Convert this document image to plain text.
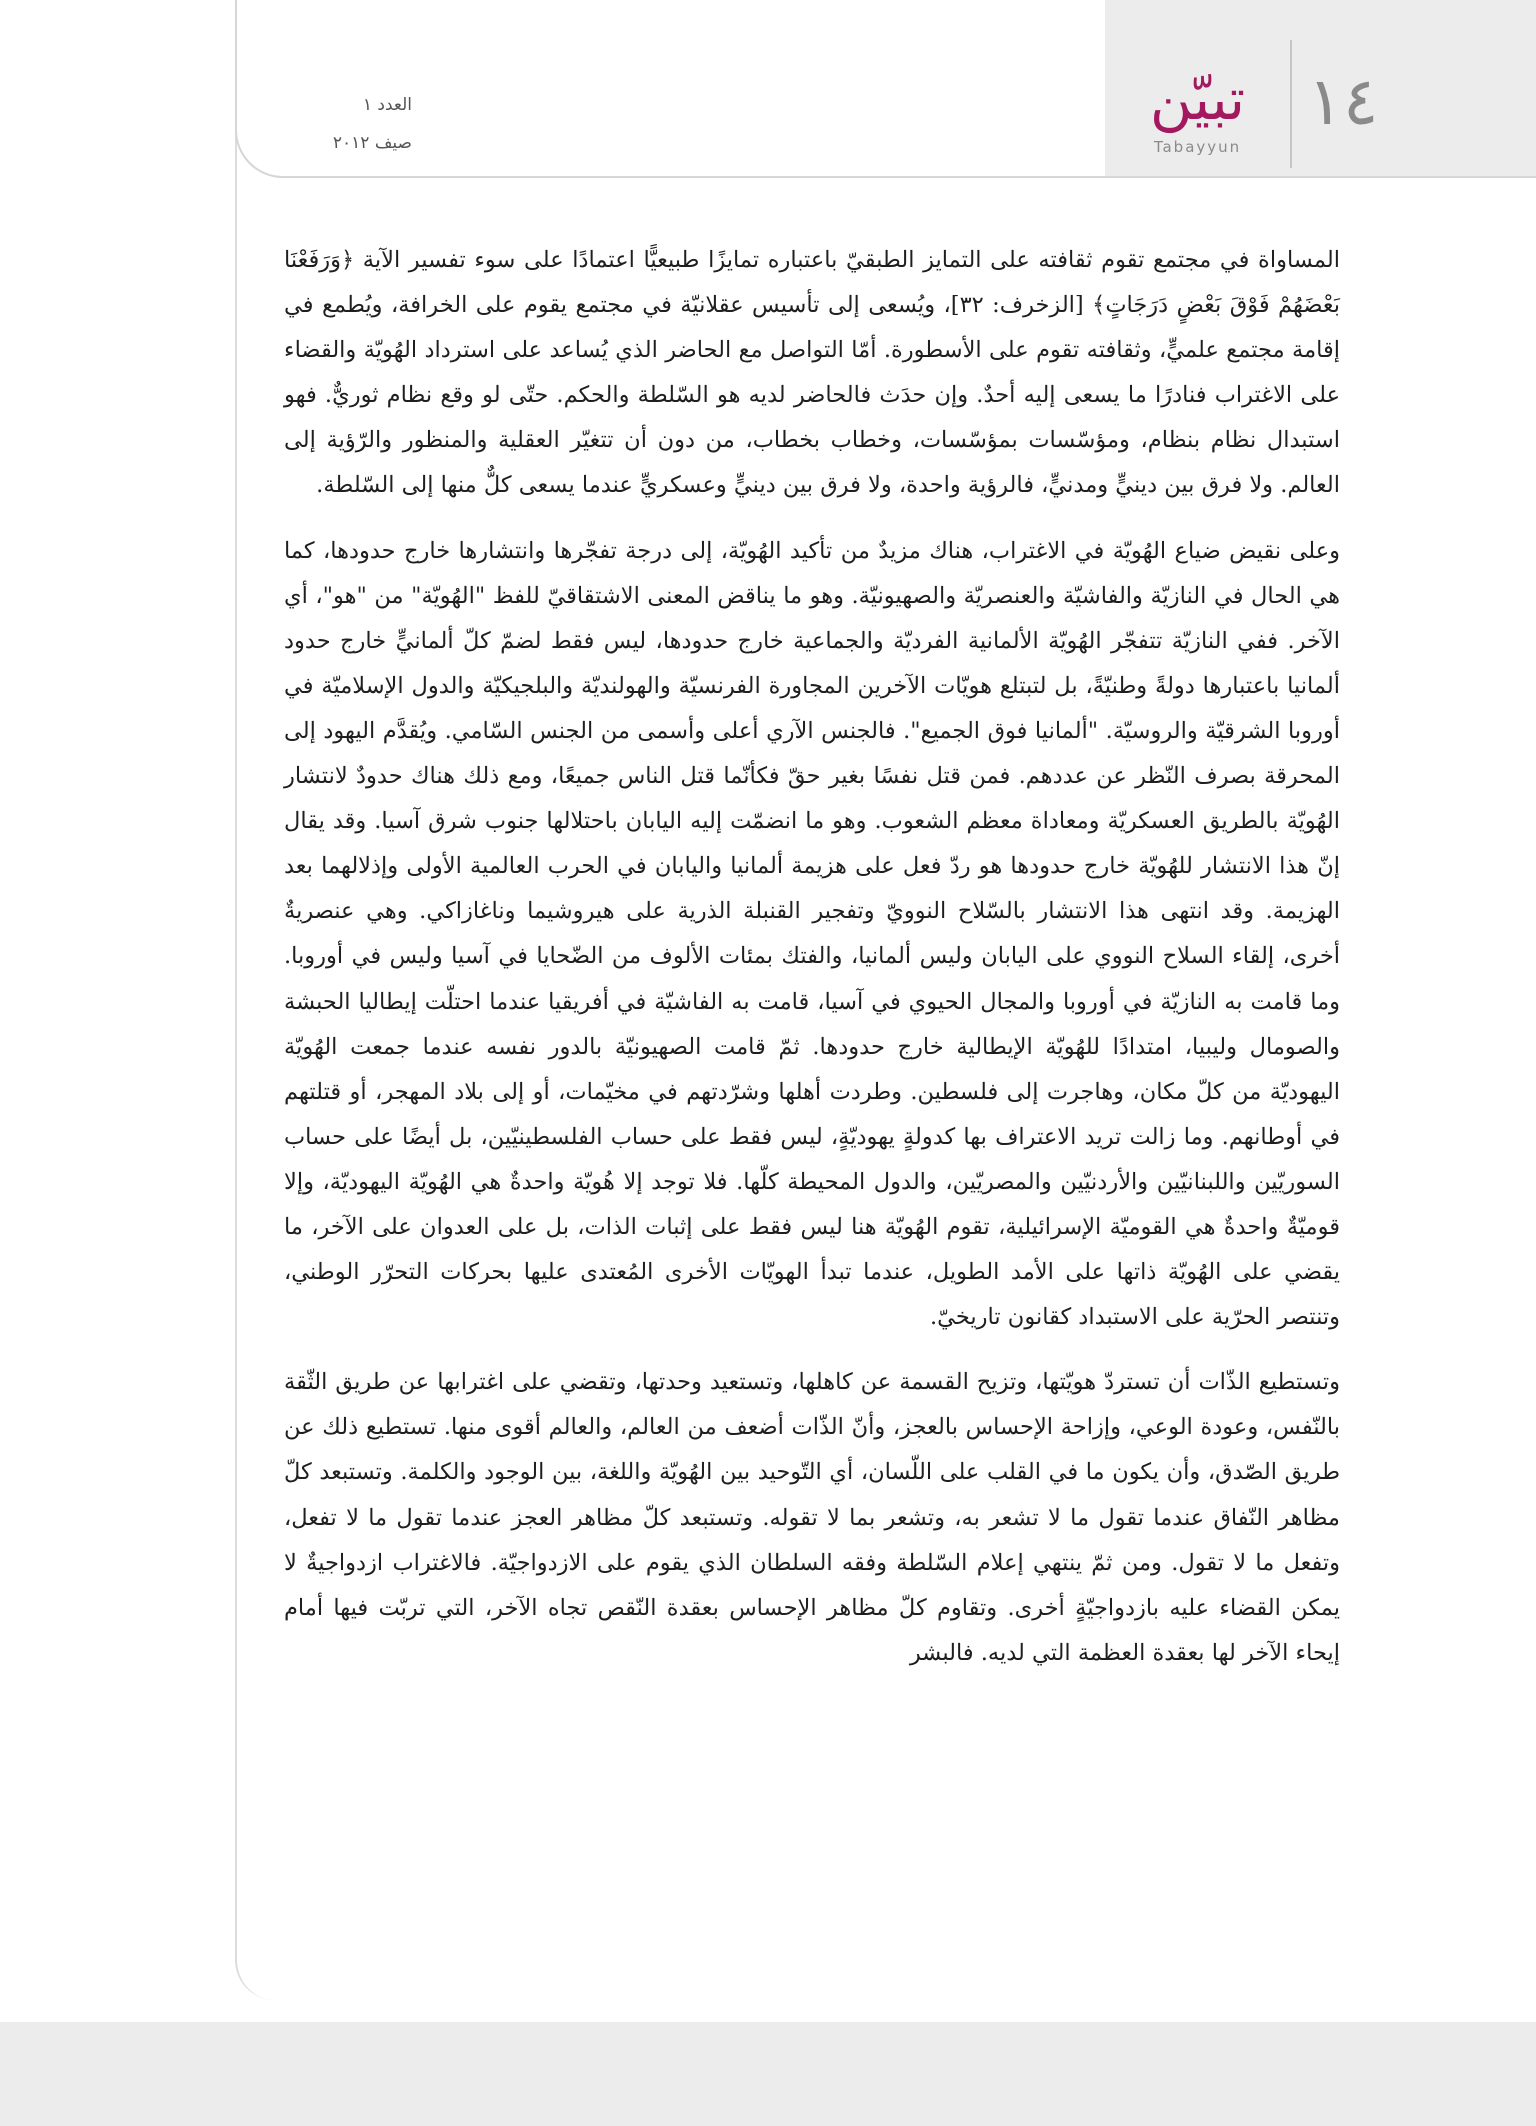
١٤
تبيّن
Tabayyun
العدد ١
صيف ٢٠١٢

المساواة في مجتمع تقوم ثقافته على التمايز الطبقيّ باعتباره تمايزًا طبيعيًّا اعتمادًا على سوء تفسير الآية ﴿وَرَفَعْنَا بَعْضَهُمْ فَوْقَ بَعْضٍ دَرَجَاتٍ﴾ [الزخرف: ٣٢]، ويُسعى إلى تأسيس عقلانيّة في مجتمع يقوم على الخرافة، ويُطمع في إقامة مجتمع علميٍّ، وثقافته تقوم على الأسطورة. أمّا التواصل مع الحاضر الذي يُساعد على استرداد الهُويّة والقضاء على الاغتراب فنادرًا ما يسعى إليه أحدٌ. وإن حدَث فالحاضر لديه هو السّلطة والحكم. حتّى لو وقع نظام ثوريٌّ. فهو استبدال نظام بنظام، ومؤسّسات بمؤسّسات، وخطاب بخطاب، من دون أن تتغيّر العقلية والمنظور والرّؤية إلى العالم. ولا فرق بين دينيٍّ ومدنيٍّ، فالرؤية واحدة، ولا فرق بين دينيٍّ وعسكريٍّ عندما يسعى كلٌّ منها إلى السّلطة.

وعلى نقيض ضياع الهُويّة في الاغتراب، هناك مزيدٌ من تأكيد الهُويّة، إلى درجة تفجّرها وانتشارها خارج حدودها، كما هي الحال في النازيّة والفاشيّة والعنصريّة والصهيونيّة. وهو ما يناقض المعنى الاشتقاقيّ للفظ "الهُويّة" من "هو"، أي الآخر. ففي النازيّة تتفجّر الهُويّة الألمانية الفرديّة والجماعية خارج حدودها، ليس فقط لضمّ كلّ ألمانيٍّ خارج حدود ألمانيا باعتبارها دولةً وطنيّةً، بل لتبتلع هويّات الآخرين المجاورة الفرنسيّة والهولنديّة والبلجيكيّة والدول الإسلاميّة في أوروبا الشرقيّة والروسيّة. "ألمانيا فوق الجميع". فالجنس الآري أعلى وأسمى من الجنس السّامي. ويُقدَّم اليهود إلى المحرقة بصرف النّظر عن عددهم. فمن قتل نفسًا بغير حقّ فكأنّما قتل الناس جميعًا، ومع ذلك هناك حدودٌ لانتشار الهُويّة بالطريق العسكريّة ومعاداة معظم الشعوب. وهو ما انضمّت إليه اليابان باحتلالها جنوب شرق آسيا. وقد يقال إنّ هذا الانتشار للهُويّة خارج حدودها هو ردّ فعل على هزيمة ألمانيا واليابان في الحرب العالمية الأولى وإذلالهما بعد الهزيمة. وقد انتهى هذا الانتشار بالسّلاح النوويّ وتفجير القنبلة الذرية على هيروشيما وناغازاكي. وهي عنصريةٌ أخرى، إلقاء السلاح النووي على اليابان وليس ألمانيا، والفتك بمئات الألوف من الضّحايا في آسيا وليس في أوروبا. وما قامت به النازيّة في أوروبا والمجال الحيوي في آسيا، قامت به الفاشيّة في أفريقيا عندما احتلّت إيطاليا الحبشة والصومال وليبيا، امتدادًا للهُويّة الإيطالية خارج حدودها. ثمّ قامت الصهيونيّة بالدور نفسه عندما جمعت الهُويّة اليهوديّة من كلّ مكان، وهاجرت إلى فلسطين. وطردت أهلها وشرّدتهم في مخيّمات، أو إلى بلاد المهجر، أو قتلتهم في أوطانهم. وما زالت تريد الاعتراف بها كدولةٍ يهوديّةٍ، ليس فقط على حساب الفلسطينيّين، بل أيضًا على حساب السوريّين واللبنانيّين والأردنيّين والمصريّين، والدول المحيطة كلّها. فلا توجد إلا هُويّة واحدةٌ هي الهُويّة اليهوديّة، وإلا قوميّةٌ واحدةٌ هي القوميّة الإسرائيلية، تقوم الهُويّة هنا ليس فقط على إثبات الذات، بل على العدوان على الآخر، ما يقضي على الهُويّة ذاتها على الأمد الطويل، عندما تبدأ الهويّات الأخرى المُعتدى عليها بحركات التحرّر الوطني، وتنتصر الحرّية على الاستبداد كقانون تاريخيّ.

وتستطيع الذّات أن تستردّ هويّتها، وتزيح القسمة عن كاهلها، وتستعيد وحدتها، وتقضي على اغترابها عن طريق الثّقة بالنّفس، وعودة الوعي، وإزاحة الإحساس بالعجز، وأنّ الذّات أضعف من العالم، والعالم أقوى منها. تستطيع ذلك عن طريق الصّدق، وأن يكون ما في القلب على اللّسان، أي التّوحيد بين الهُويّة واللغة، بين الوجود والكلمة. وتستبعد كلّ مظاهر النّفاق عندما تقول ما لا تشعر به، وتشعر بما لا تقوله. وتستبعد كلّ مظاهر العجز عندما تقول ما لا تفعل، وتفعل ما لا تقول. ومن ثمّ ينتهي إعلام السّلطة وفقه السلطان الذي يقوم على الازدواجيّة. فالاغتراب ازدواجيةٌ لا يمكن القضاء عليه بازدواجيّةٍ أخرى. وتقاوم كلّ مظاهر الإحساس بعقدة النّقص تجاه الآخر، التي تربّت فيها أمام إيحاء الآخر لها بعقدة العظمة التي لديه. فالبشر
